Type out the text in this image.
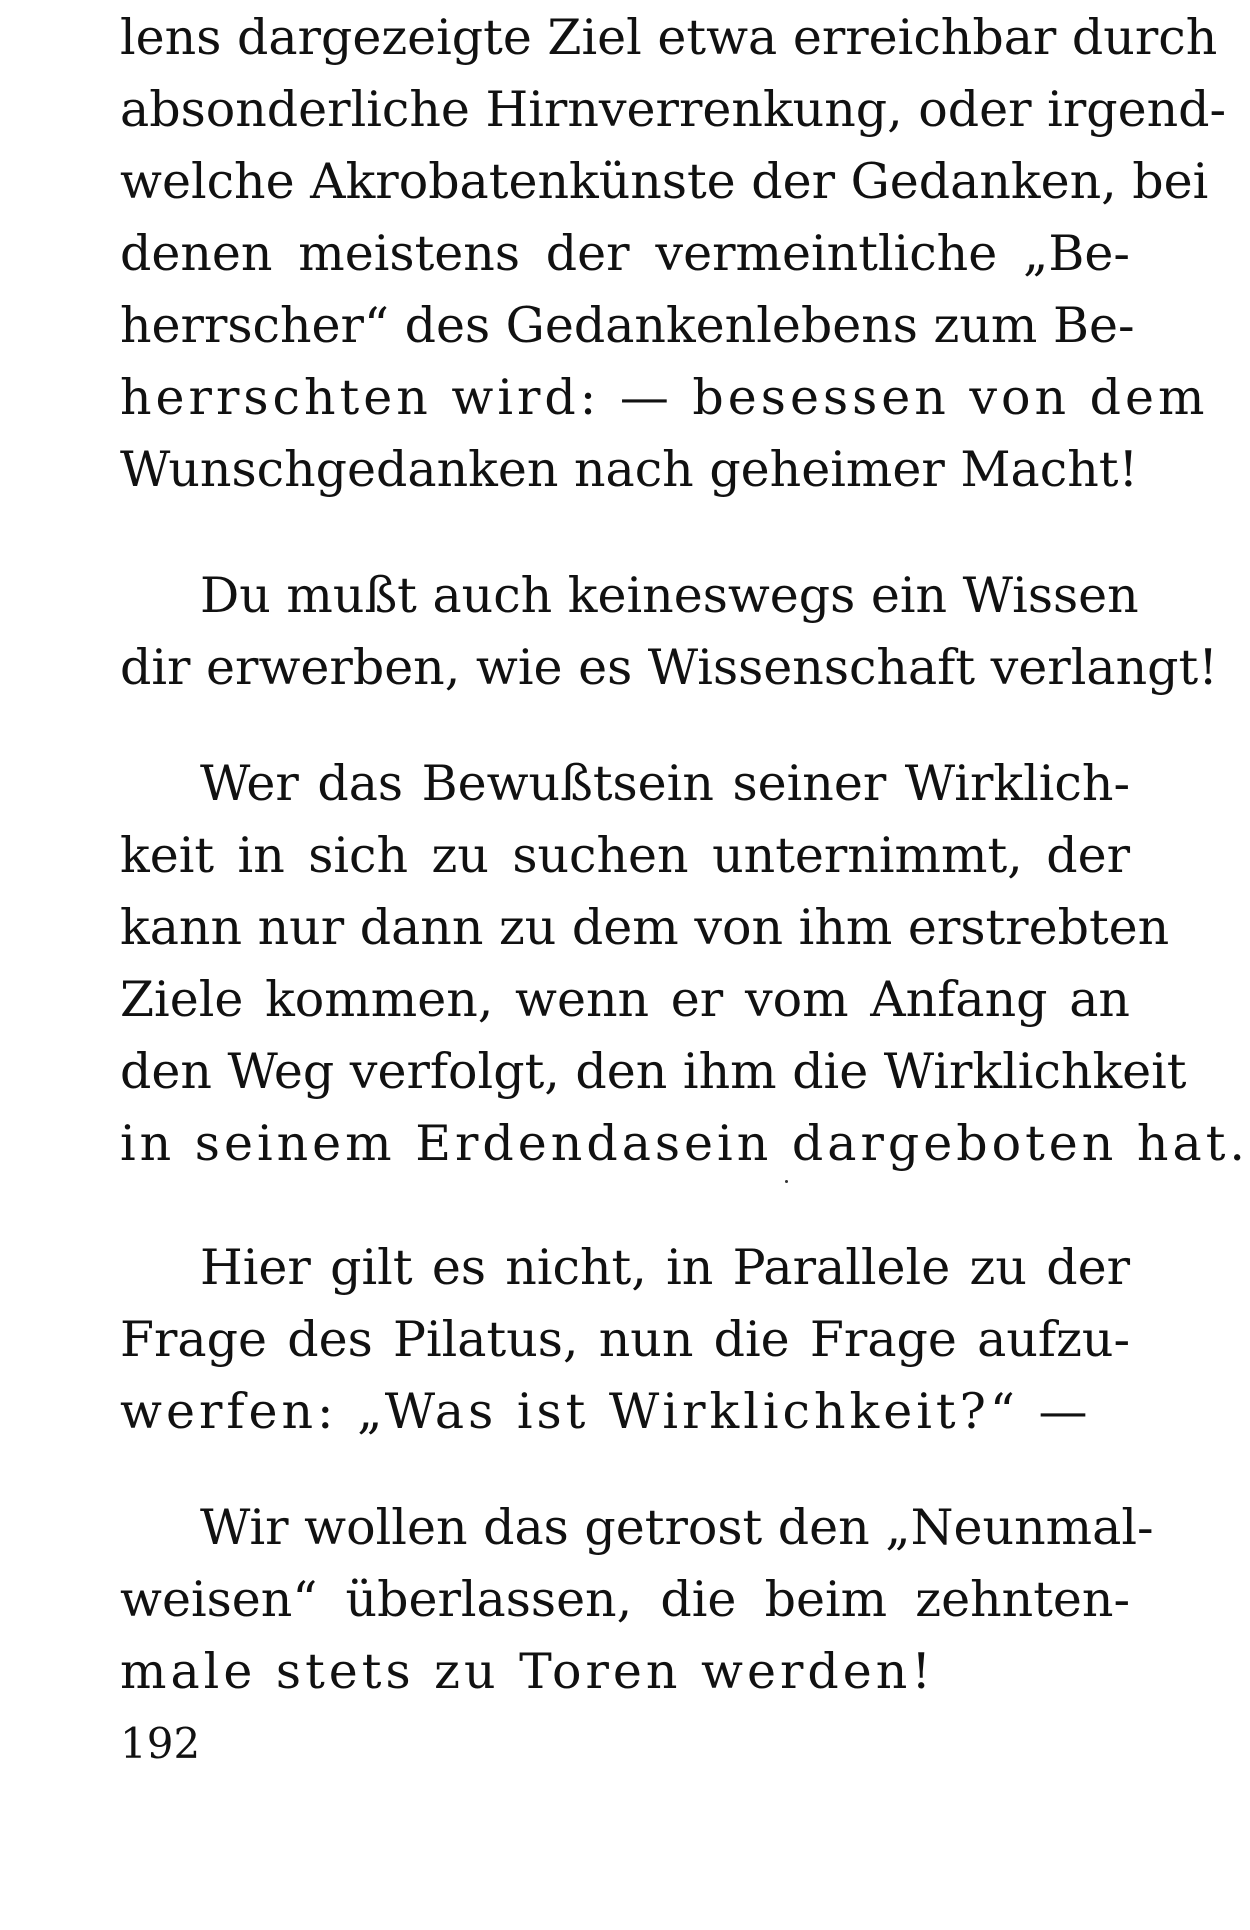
lens dargezeigte Ziel etwa erreichbar durch
absonderliche Hirnverrenkung, oder irgend-
welche Akrobatenkünste der Gedanken, bei
denen meistens der vermeintliche „Be-
herrscher“ des Gedankenlebens zum Be-
herrschten wird: — besessen von dem
Wunschgedanken nach geheimer Macht!
Du mußt auch keineswegs ein Wissen
dir erwerben, wie es Wissenschaft verlangt!
Wer das Bewußtsein seiner Wirklich-
keit in sich zu suchen unternimmt, der
kann nur dann zu dem von ihm erstrebten
Ziele kommen, wenn er vom Anfang an
den Weg verfolgt, den ihm die Wirklichkeit
in seinem Erdendasein dargeboten hat.
Hier gilt es nicht, in Parallele zu der
Frage des Pilatus, nun die Frage aufzu-
werfen: „Was ist Wirklichkeit?“ —
Wir wollen das getrost den „Neunmal-
weisen“ überlassen, die beim zehnten-
male stets zu Toren werden!
192
